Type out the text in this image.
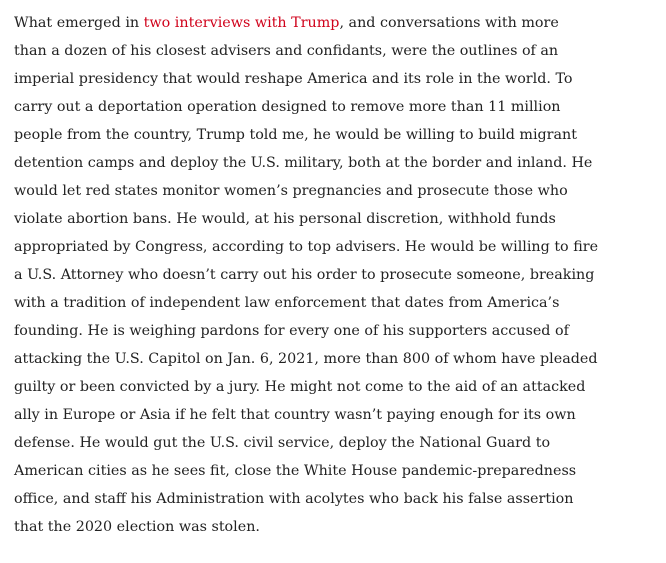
What emerged in two interviews with Trump, and conversations with more
than a dozen of his closest advisers and confidants, were the outlines of an
imperial presidency that would reshape America and its role in the world. To
carry out a deportation operation designed to remove more than 11 million
people from the country, Trump told me, he would be willing to build migrant
detention camps and deploy the U.S. military, both at the border and inland. He
would let red states monitor women’s pregnancies and prosecute those who
violate abortion bans. He would, at his personal discretion, withhold funds
appropriated by Congress, according to top advisers. He would be willing to fire
a U.S. Attorney who doesn’t carry out his order to prosecute someone, breaking
with a tradition of independent law enforcement that dates from America’s
founding. He is weighing pardons for every one of his supporters accused of
attacking the U.S. Capitol on Jan. 6, 2021, more than 800 of whom have pleaded
guilty or been convicted by a jury. He might not come to the aid of an attacked
ally in Europe or Asia if he felt that country wasn’t paying enough for its own
defense. He would gut the U.S. civil service, deploy the National Guard to
American cities as he sees fit, close the White House pandemic-preparedness
office, and staff his Administration with acolytes who back his false assertion
that the 2020 election was stolen.
